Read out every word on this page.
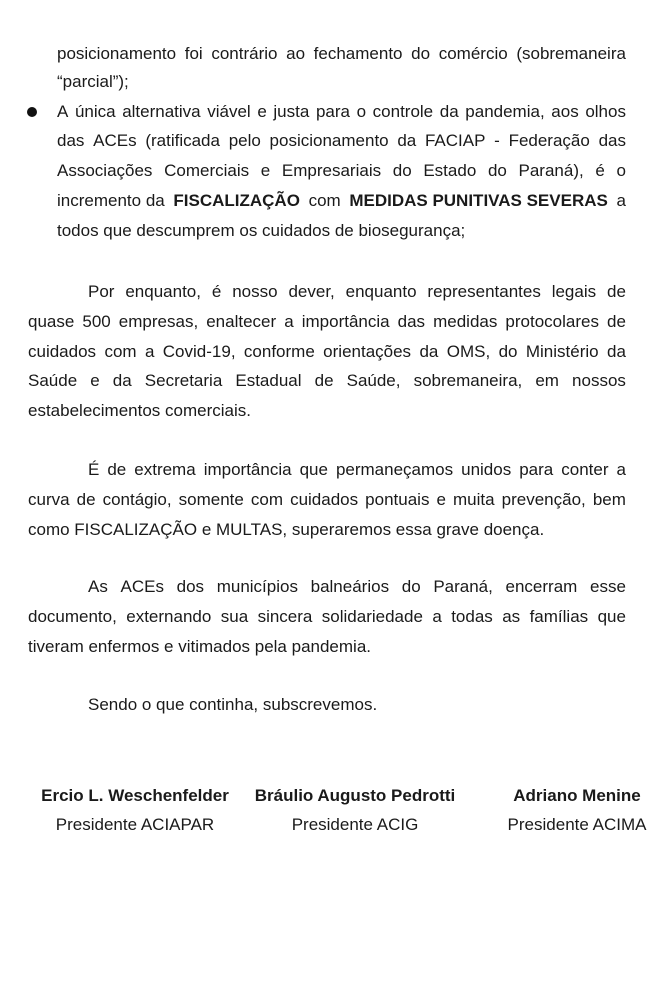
posicionamento foi contrário ao fechamento do comércio (sobremaneira
“parcial”);
A única alternativa viável e justa para o controle da pandemia, aos olhos
das ACEs (ratificada pelo posicionamento da FACIAP - Federação das
Associações Comerciais e Empresariais do Estado do Paraná), é o
incremento da FISCALIZAÇÃO com MEDIDAS PUNITIVAS SEVERAS a
todos que descumprem os cuidados de biosegurança;
Por enquanto, é nosso dever, enquanto representantes legais de
quase 500 empresas, enaltecer a importância das medidas protocolares de
cuidados com a Covid-19, conforme orientações da OMS, do Ministério da
Saúde e da Secretaria Estadual de Saúde, sobremaneira, em nossos
estabelecimentos comerciais.
É de extrema importância que permaneçamos unidos para conter a
curva de contágio, somente com cuidados pontuais e muita prevenção, bem
como FISCALIZAÇÃO e MULTAS, superaremos essa grave doença.
As ACEs dos municípios balneários do Paraná, encerram esse
documento, externando sua sincera solidariedade a todas as famílias que
tiveram enfermos e vitimados pela pandemia.
Sendo o que continha, subscrevemos.
Ercio L. Weschenfelder
Presidente ACIAPAR
Bráulio Augusto Pedrotti
Presidente ACIG
Adriano Menine
Presidente ACIMA
